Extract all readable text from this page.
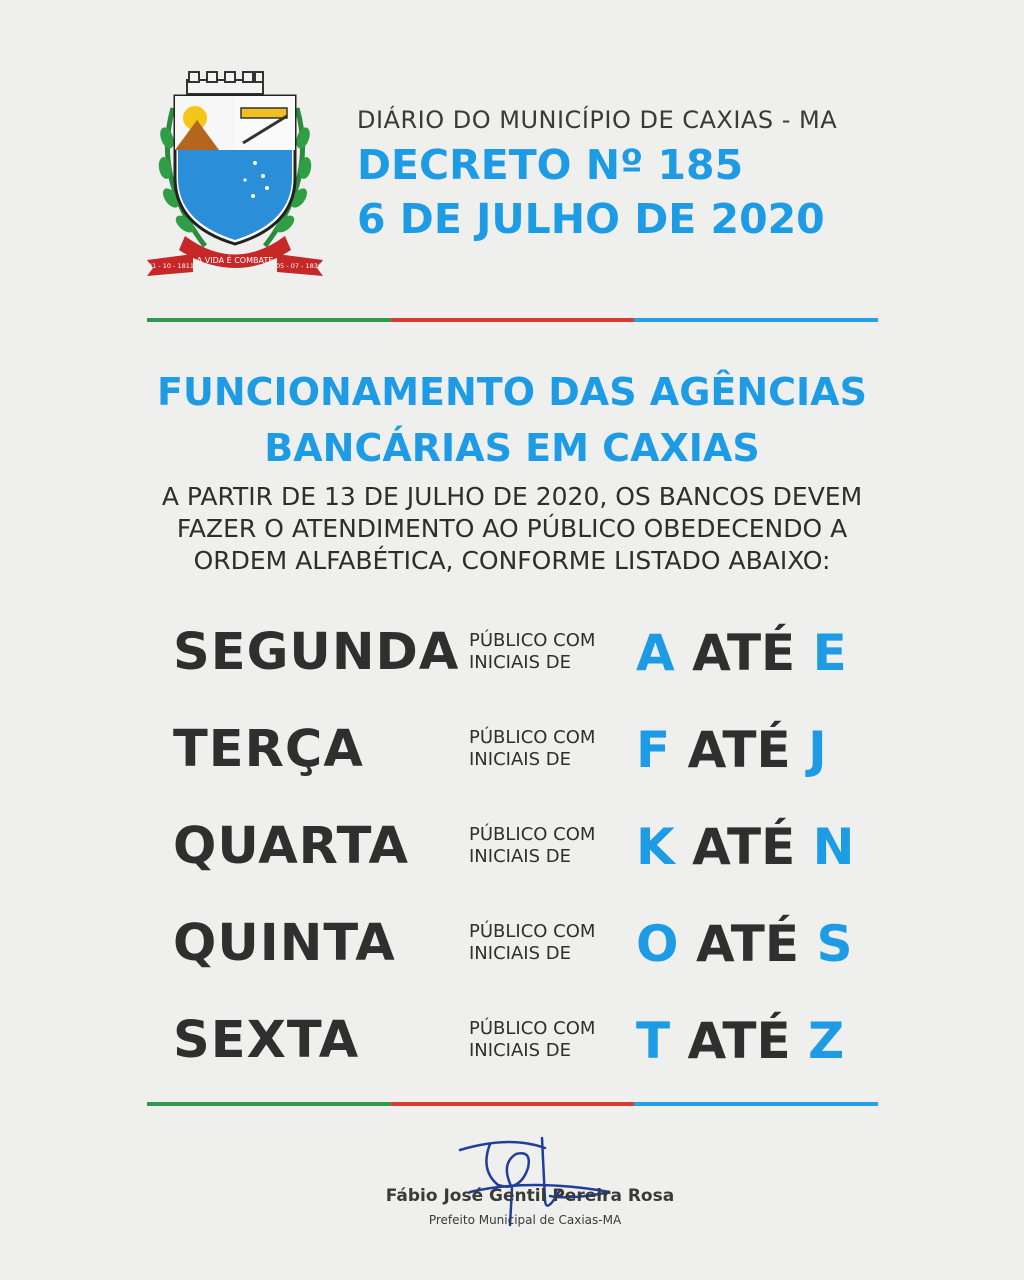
A VIDA É COMBATE
31 - 10 - 1811	05 - 07 - 1836
DIÁRIO DO MUNICÍPIO DE CAXIAS - MA
DECRETO Nº 185
6 DE JULHO DE 2020
FUNCIONAMENTO DAS AGÊNCIAS
BANCÁRIAS EM CAXIAS
A PARTIR DE 13 DE JULHO DE 2020, OS BANCOS DEVEM
FAZER O ATENDIMENTO AO PÚBLICO OBEDECENDO A
ORDEM ALFABÉTICA, CONFORME LISTADO ABAIXO:
SEGUNDA PÚBLICO COM
INICIAIS DE	A ATÉ E
TERÇA	PÚBLICO COM
INICIAIS DE	F ATÉ J
QUARTA	PÚBLICO COM
INICIAIS DE	K ATÉ N
QUINTA	PÚBLICO COM
INICIAIS DE	O ATÉ S
SEXTA	PÚBLICO COM
INICIAIS DE	T ATÉ Z
Fábio José Gentil Pereira Rosa
Prefeito Municipal de Caxias-MA
